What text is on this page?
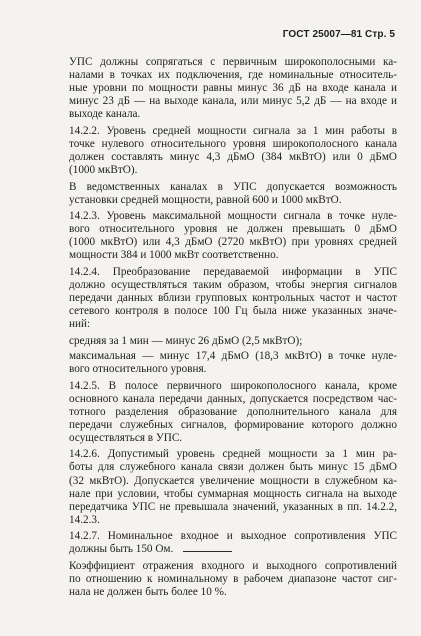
ГОСТ 25007—81 Стр. 5
УПС должны сопрягаться с первичным широкополосными ка-
налами в точках их подключения, где номинальные относитель-
ные уровни по мощности равны минус 36 дБ на входе канала и
минус 23 дБ — на выходе канала, или минус 5,2 дБ — на входе и
выходе канала.
14.2.2. Уровень средней мощности сигнала за 1 мин работы в
точке нулевого относительного уровня широкополосного канала
должен составлять минус 4,3 дБмО (384 мкВтО) или 0 дБмО
(1000 мкВтО).
В ведомственных каналах в УПС допускается возможность
установки средней мощности, равной 600 и 1000 мкВтО.
14.2.3. Уровень максимальной мощности сигнала в точке нуле-
вого относительного уровня не должен превышать 0 дБмО
(1000 мкВтО) или 4,3 дБмО (2720 мкВтО) при уровнях средней
мощности 384 и 1000 мкВт соответственно.
14.2.4. Преобразование передаваемой информации в УПС
должно осуществляться таким образом, чтобы энергия сигналов
передачи данных вблизи групповых контрольных частот и частот
сетевого контроля в полосе 100 Гц была ниже указанных значе-
ний:
средняя за 1 мин — минус 26 дБмО (2,5 мкВтО);
максимальная — минус 17,4 дБмО (18,3 мкВтО) в точке нуле-
вого относительного уровня.
14.2.5. В полосе первичного широкополосного канала, кроме
основного канала передачи данных, допускается посредством час-
тотного разделения образование дополнительного канала для
передачи служебных сигналов, формирование которого должно
осуществляться в УПС.
14.2.6. Допустимый уровень средней мощности за 1 мин ра-
боты для служебного канала связи должен быть минус 15 дБмО
(32 мкВтО). Допускается увеличение мощности в служебном ка-
нале при условии, чтобы суммарная мощность сигнала на выходе
передатчика УПС не превышала значений, указанных в пп. 14.2.2,
14.2.3.
14.2.7. Номинальное входное и выходное сопротивления УПС
должны быть 150 Ом.
Коэффициент отражения входного и выходного сопротивлений
по отношению к номинальному в рабочем диапазоне частот сиг-
нала не должен быть более 10 %.
